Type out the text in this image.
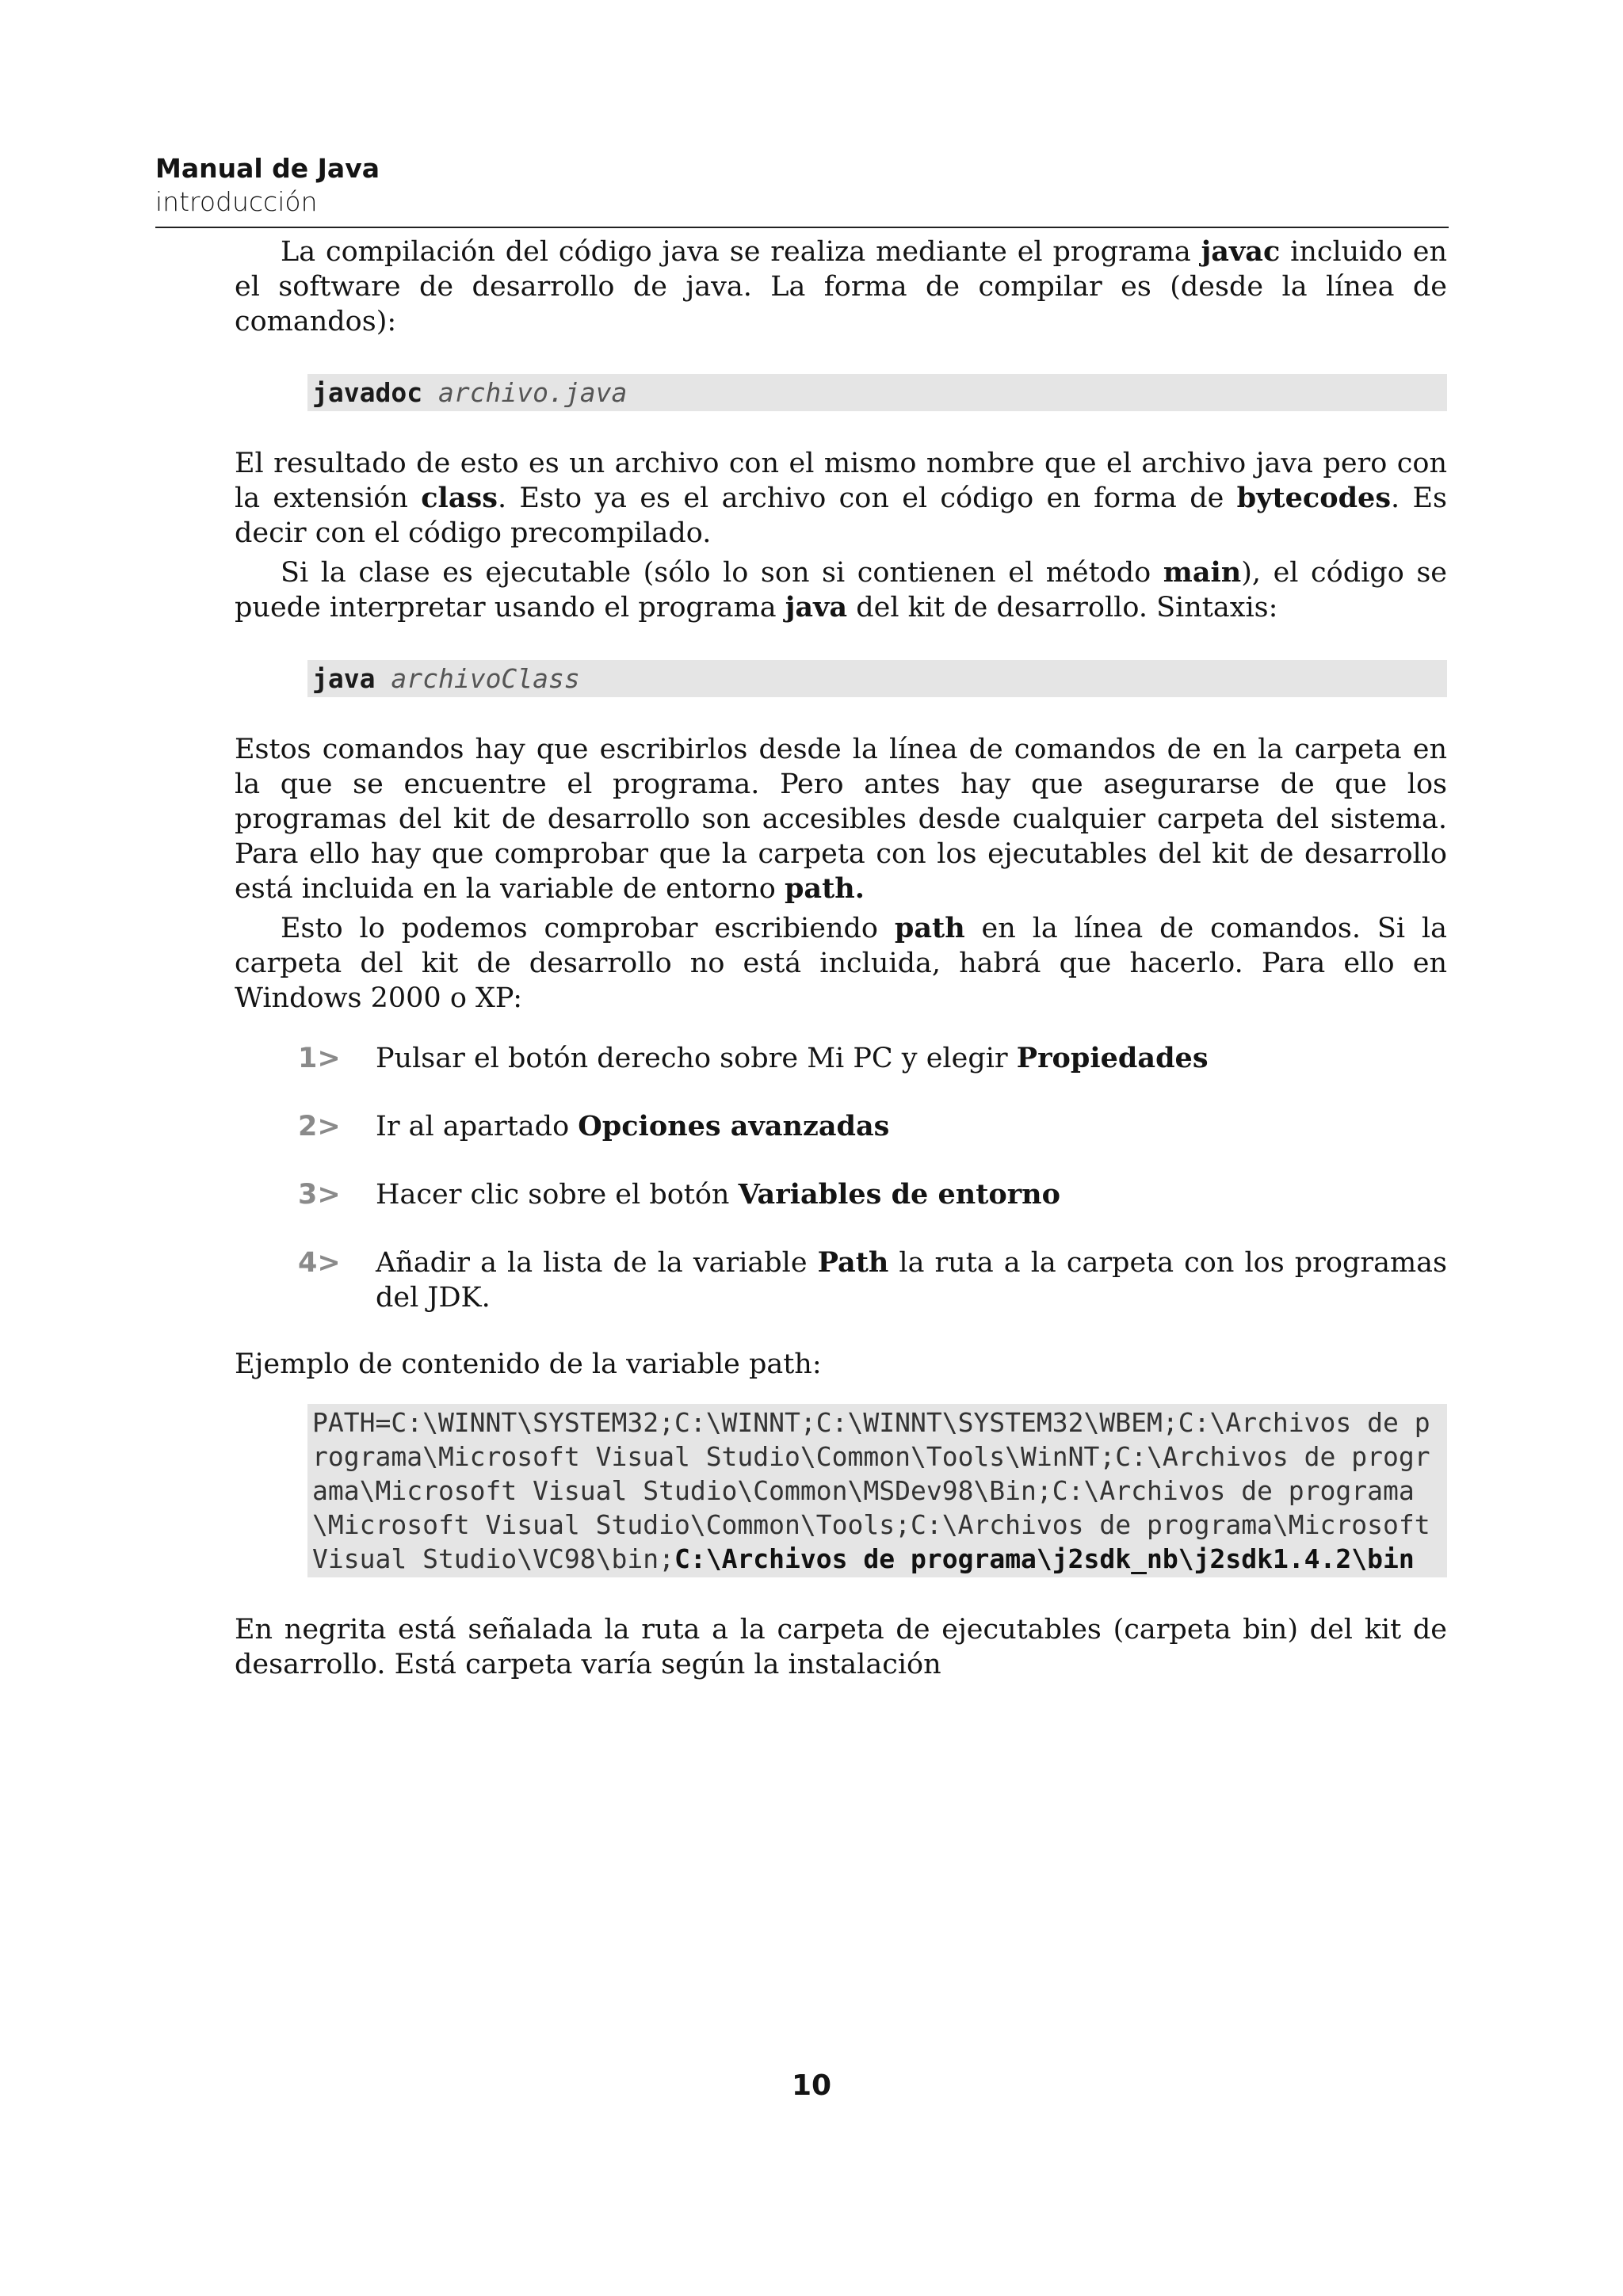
Manual de Java
introducción

La compilación del código java se realiza mediante el programa javac incluido en el software de desarrollo de java. La forma de compilar es (desde la línea de comandos):

javadoc archivo.java

El resultado de esto es un archivo con el mismo nombre que el archivo java pero con la extensión class. Esto ya es el archivo con el código en forma de bytecodes. Es decir con el código precompilado.

Si la clase es ejecutable (sólo lo son si contienen el método main), el código se puede interpretar usando el programa java del kit de desarrollo. Sintaxis:

java archivoClass

Estos comandos hay que escribirlos desde la línea de comandos de en la carpeta en la que se encuentre el programa. Pero antes hay que asegurarse de que los programas del kit de desarrollo son accesibles desde cualquier carpeta del sistema. Para ello hay que comprobar que la carpeta con los ejecutables del kit de desarrollo está incluida en la variable de entorno path.

Esto lo podemos comprobar escribiendo path en la línea de comandos. Si la carpeta del kit de desarrollo no está incluida, habrá que hacerlo. Para ello en Windows 2000 o XP:

1>	Pulsar el botón derecho sobre Mi PC y elegir Propiedades
2>	Ir al apartado Opciones avanzadas
3>	Hacer clic sobre el botón Variables de entorno
4>	Añadir a la lista de la variable Path la ruta a la carpeta con los programas del JDK.

Ejemplo de contenido de la variable path:

PATH=C:\WINNT\SYSTEM32;C:\WINNT;C:\WINNT\SYSTEM32\WBEM;C:\Archivos de programa\Microsoft Visual Studio\Common\Tools\WinNT;C:\Archivos de programa\Microsoft Visual Studio\Common\MSDev98\Bin;C:\Archivos de programa\Microsoft Visual Studio\Common\Tools;C:\Archivos de programa\Microsoft Visual Studio\VC98\bin;C:\Archivos de programa\j2sdk_nb\j2sdk1.4.2\bin

En negrita está señalada la ruta a la carpeta de ejecutables (carpeta bin) del kit de desarrollo. Está carpeta varía según la instalación

10
